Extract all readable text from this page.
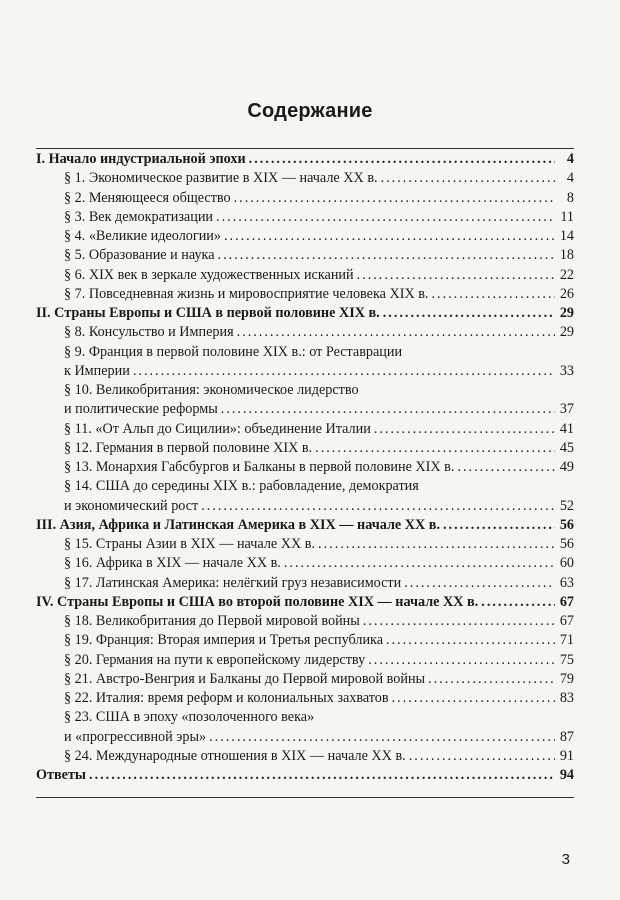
Содержание
I. Начало индустриальной эпохи .....	4
§ 1. Экономическое развитие в XIX — начале XX в. .....	4
§ 2. Меняющееся общество .....	8
§ 3. Век демократизации .....	11
§ 4. «Великие идеологии» .....	14
§ 5. Образование и наука .....	18
§ 6. XIX век в зеркале художественных исканий .....	22
§ 7. Повседневная жизнь и мировосприятие человека XIX в. .....	26
II. Страны Европы и США в первой половине XIX в. .....	29
§ 8. Консульство и Империя .....	29
§ 9. Франция в первой половине XIX в.: от Реставрации
к Империи .....	33
§ 10. Великобритания: экономическое лидерство
и политические реформы .....	37
§ 11. «От Альп до Сицилии»: объединение Италии .....	41
§ 12. Германия в первой половине XIX в. .....	45
§ 13. Монархия Габсбургов и Балканы в первой половине XIX в. .....	49
§ 14. США до середины XIX в.: рабовладение, демократия
и экономический рост .....	52
III. Азия, Африка и Латинская Америка в XIX — начале XX в. .....	56
§ 15. Страны Азии в XIX — начале XX в. .....	56
§ 16. Африка в XIX — начале XX в. .....	60
§ 17. Латинская Америка: нелёгкий груз независимости .....	63
IV. Страны Европы и США во второй половине XIX — начале XX в. .....	67
§ 18. Великобритания до Первой мировой войны .....	67
§ 19. Франция: Вторая империя и Третья республика .....	71
§ 20. Германия на пути к европейскому лидерству .....	75
§ 21. Австро-Венгрия и Балканы до Первой мировой войны .....	79
§ 22. Италия: время реформ и колониальных захватов .....	83
§ 23. США в эпоху «позолоченного века»
и «прогрессивной эры» .....	87
§ 24. Международные отношения в XIX — начале XX в. .....	91
Ответы .....	94
3
